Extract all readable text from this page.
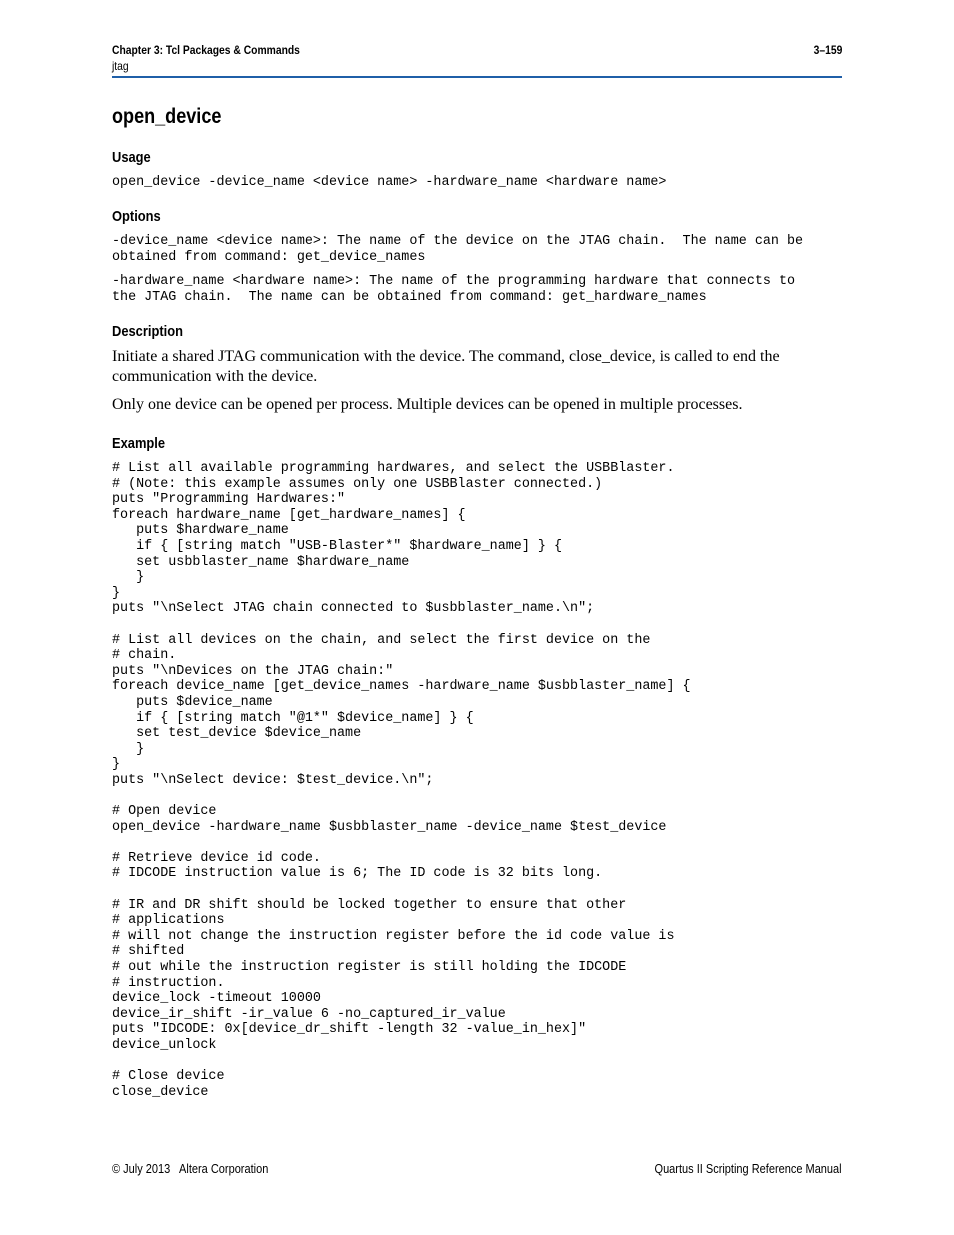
Chapter 3: Tcl Packages & Commands	3–159
jtag
open_device
Usage
open_device -device_name <device name> -hardware_name <hardware name>
Options
-device_name <device name>: The name of the device on the JTAG chain.  The name can be
obtained from command: get_device_names
-hardware_name <hardware name>: The name of the programming hardware that connects to
the JTAG chain.  The name can be obtained from command: get_hardware_names
Description

Initiate a shared JTAG communication with the device. The command, close_device, is called to end the communication with the device.

Only one device can be opened per process. Multiple devices can be opened in multiple processes.

Example
# List all available programming hardwares, and select the USBBlaster.
# (Note: this example assumes only one USBBlaster connected.)
puts "Programming Hardwares:"
foreach hardware_name [get_hardware_names] {
puts $hardware_name
if { [string match "USB-Blaster*" $hardware_name] } {
set usbblaster_name $hardware_name
}
}
puts "\nSelect JTAG chain connected to $usbblaster_name.\n";

# List all devices on the chain, and select the first device on the
# chain.
puts "\nDevices on the JTAG chain:"
foreach device_name [get_device_names -hardware_name $usbblaster_name] {
puts $device_name
if { [string match "@1*" $device_name] } {
set test_device $device_name
}
}
puts "\nSelect device: $test_device.\n";

# Open device
open_device -hardware_name $usbblaster_name -device_name $test_device

# Retrieve device id code.
# IDCODE instruction value is 6; The ID code is 32 bits long.

# IR and DR shift should be locked together to ensure that other
# applications
# will not change the instruction register before the id code value is
# shifted
# out while the instruction register is still holding the IDCODE
# instruction.
device_lock -timeout 10000
device_ir_shift -ir_value 6 -no_captured_ir_value
puts "IDCODE: 0x[device_dr_shift -length 32 -value_in_hex]"
device_unlock

# Close device
close_device
© July 2013 Altera Corporation	Quartus II Scripting Reference Manual
